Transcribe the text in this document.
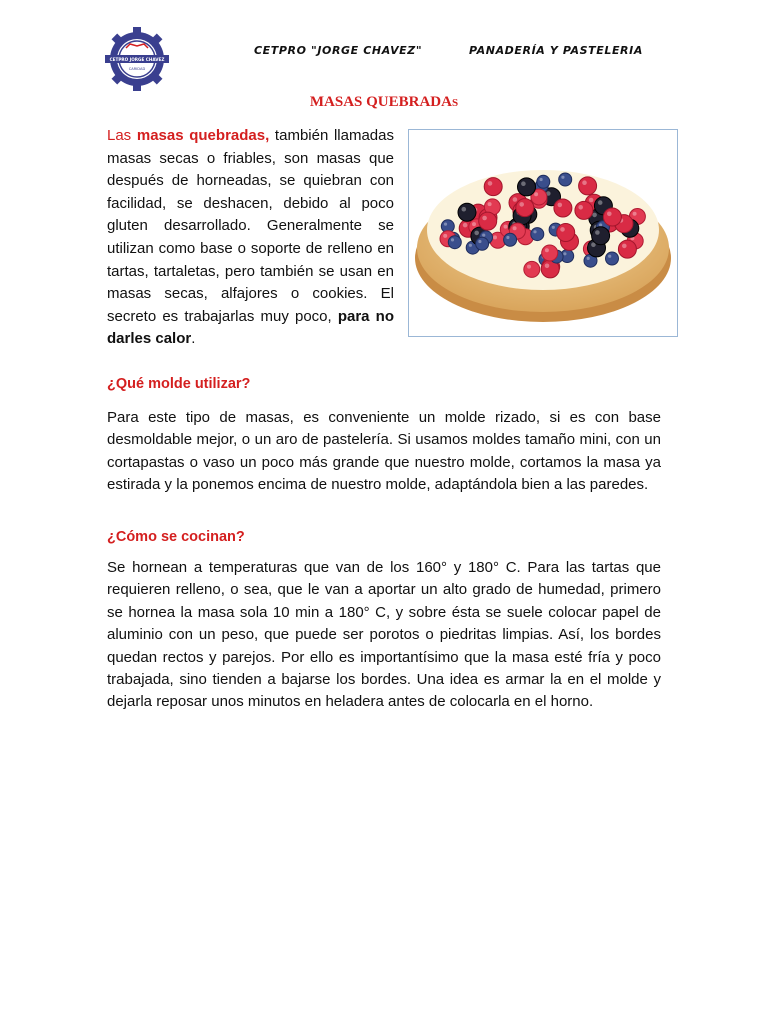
CETPRO JORGE CHAVEZ
CARIDAD
CETPRO "JORGE CHAVEZ"	PANADERÍA Y PASTELERIA
MASAS QUEBRADAS
Las masas quebradas, también llamadas masas secas o friables, son masas que después de horneadas, se quiebran con facilidad, se deshacen, debido al poco gluten desarrollado. Generalmente se utilizan como base o soporte de relleno en tartas, tartaletas, pero también se usan en masas secas, alfajores o cookies. El secreto es trabajarlas muy poco, para no darles calor.
¿Qué molde utilizar?
Para este tipo de masas, es conveniente un molde rizado, si es con base desmoldable mejor, o un aro de pastelería. Si usamos moldes tamaño mini, con un cortapastas o vaso un poco más grande que nuestro molde, cortamos la masa ya estirada y la ponemos encima de nuestro molde, adaptándola bien a las paredes.
¿Cómo se cocinan?
Se hornean a temperaturas que van de los 160° y 180° C. Para las tartas que requieren relleno, o sea, que le van a aportar un alto grado de humedad, primero se hornea la masa sola 10 min a 180° C, y sobre ésta se suele colocar papel de aluminio con un peso, que puede ser porotos o piedritas limpias. Así, los bordes quedan rectos y parejos. Por ello es importantísimo que la masa esté fría y poco trabajada, sino tienden a bajarse los bordes. Una idea es armar la en el molde y dejarla reposar unos minutos en heladera antes de colocarla en el horno.
